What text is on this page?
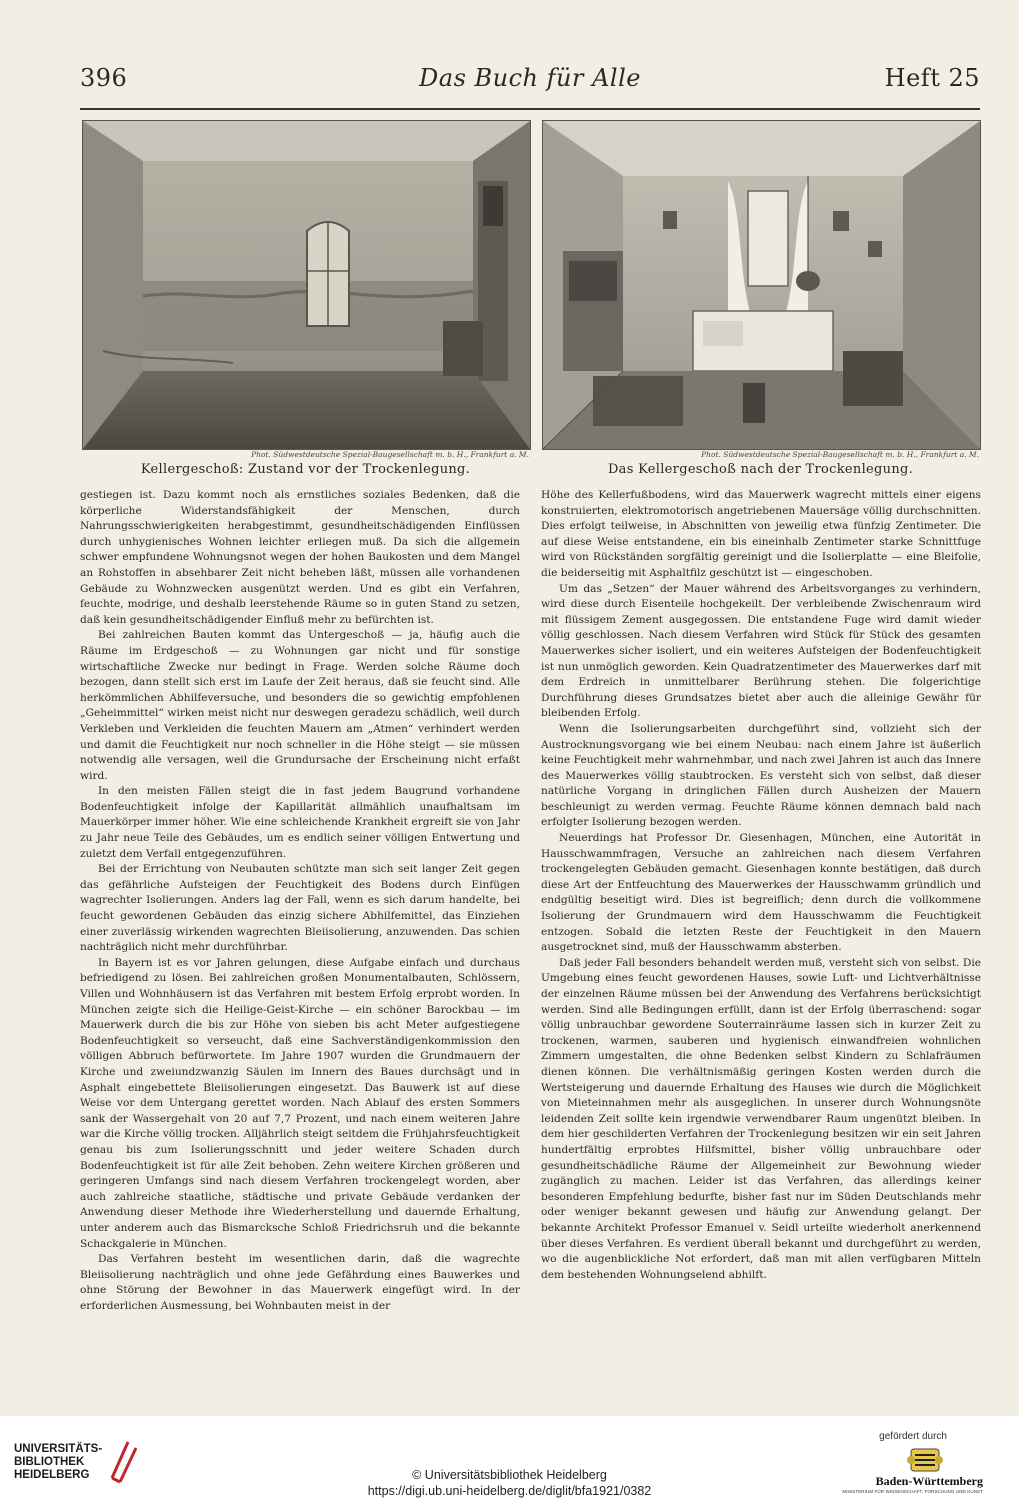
396	Das Buch für Alle	Heft 25
Phot. Südwestdeutsche Spezial-Baugesellschaft m. b. H., Frankfurt a. M.
Kellergeschoß: Zustand vor der Trockenlegung.
Phot. Südwestdeutsche Spezial-Baugesellschaft m. b. H., Frankfurt a. M.
Das Kellergeschoß nach der Trockenlegung.

gestiegen ist. Dazu kommt noch als ernstliches soziales Bedenken, daß die körperliche Widerstandsfähigkeit der Menschen, durch Nahrungsschwierigkeiten herabgestimmt, gesundheitschädigenden Einflüssen durch unhygienisches Wohnen leichter erliegen muß. Da sich die allgemein schwer empfundene Wohnungsnot wegen der hohen Baukosten und dem Mangel an Rohstoffen in absehbarer Zeit nicht beheben läßt, müssen alle vorhandenen Gebäude zu Wohnzwecken ausgenützt werden. Und es gibt ein Verfahren, feuchte, modrige, und deshalb leerstehende Räume so in guten Stand zu setzen, daß kein gesundheitschädigender Einfluß mehr zu befürchten ist.

Bei zahlreichen Bauten kommt das Untergeschoß — ja, häufig auch die Räume im Erdgeschoß — zu Wohnungen gar nicht und für sonstige wirtschaftliche Zwecke nur bedingt in Frage. Werden solche Räume doch bezogen, dann stellt sich erst im Laufe der Zeit heraus, daß sie feucht sind. Alle herkömmlichen Abhilfeversuche, und besonders die so gewichtig empfohlenen „Geheimmittel“ wirken meist nicht nur deswegen geradezu schädlich, weil durch Verkleben und Verkleiden die feuchten Mauern am „Atmen“ verhindert werden und damit die Feuchtigkeit nur noch schneller in die Höhe steigt — sie müssen notwendig alle versagen, weil die Grundursache der Erscheinung nicht erfaßt wird.

In den meisten Fällen steigt die in fast jedem Baugrund vorhandene Bodenfeuchtigkeit infolge der Kapillarität allmählich unaufhaltsam im Mauerkörper immer höher. Wie eine schleichende Krankheit ergreift sie von Jahr zu Jahr neue Teile des Gebäudes, um es endlich seiner völligen Entwertung und zuletzt dem Verfall entgegenzuführen.

Bei der Errichtung von Neubauten schützte man sich seit langer Zeit gegen das gefährliche Aufsteigen der Feuchtigkeit des Bodens durch Einfügen wagrechter Isolierungen. Anders lag der Fall, wenn es sich darum handelte, bei feucht gewordenen Gebäuden das einzig sichere Abhilfemittel, das Einziehen einer zuverlässig wirkenden wagrechten Bleiisolierung, anzuwenden. Das schien nachträglich nicht mehr durchführbar.

In Bayern ist es vor Jahren gelungen, diese Aufgabe einfach und durchaus befriedigend zu lösen. Bei zahlreichen großen Monumentalbauten, Schlössern, Villen und Wohnhäusern ist das Verfahren mit bestem Erfolg erprobt worden. In München zeigte sich die Heilige-Geist-Kirche — ein schöner Barockbau — im Mauerwerk durch die bis zur Höhe von sieben bis acht Meter aufgestiegene Bodenfeuchtigkeit so verseucht, daß eine Sachverständigenkommission den völligen Abbruch befürwortete. Im Jahre 1907 wurden die Grundmauern der Kirche und zweiundzwanzig Säulen im Innern des Baues durchsägt und in Asphalt eingebettete Bleiisolierungen eingesetzt. Das Bauwerk ist auf diese Weise vor dem Untergang gerettet worden. Nach Ablauf des ersten Sommers sank der Wassergehalt von 20 auf 7,7 Prozent, und nach einem weiteren Jahre war die Kirche völlig trocken. Alljährlich steigt seitdem die Frühjahrsfeuchtigkeit genau bis zum Isolierungsschnitt und jeder weitere Schaden durch Bodenfeuchtigkeit ist für alle Zeit behoben. Zehn weitere Kirchen größeren und geringeren Umfangs sind nach diesem Verfahren trockengelegt worden, aber auch zahlreiche staatliche, städtische und private Gebäude verdanken der Anwendung dieser Methode ihre Wiederherstellung und dauernde Erhaltung, unter anderem auch das Bismarcksche Schloß Friedrichsruh und die bekannte Schackgalerie in München.

Das Verfahren besteht im wesentlichen darin, daß die wagrechte Bleiisolierung nachträglich und ohne jede Gefährdung eines Bauwerkes und ohne Störung der Bewohner in das Mauerwerk eingefügt wird. In der erforderlichen Ausmessung, bei Wohnbauten meist in der

Höhe des Kellerfußbodens, wird das Mauerwerk wagrecht mittels einer eigens konstruierten, elektromotorisch angetriebenen Mauersäge völlig durchschnitten. Dies erfolgt teilweise, in Abschnitten von jeweilig etwa fünfzig Zentimeter. Die auf diese Weise entstandene, ein bis eineinhalb Zentimeter starke Schnittfuge wird von Rückständen sorgfältig gereinigt und die Isolierplatte — eine Bleifolie, die beiderseitig mit Asphaltfilz geschützt ist — eingeschoben.

Um das „Setzen“ der Mauer während des Arbeitsvorganges zu verhindern, wird diese durch Eisenteile hochgekeilt. Der verbleibende Zwischenraum wird mit flüssigem Zement ausgegossen. Die entstandene Fuge wird damit wieder völlig geschlossen. Nach diesem Verfahren wird Stück für Stück des gesamten Mauerwerkes sicher isoliert, und ein weiteres Aufsteigen der Bodenfeuchtigkeit ist nun unmöglich geworden. Kein Quadratzentimeter des Mauerwerkes darf mit dem Erdreich in unmittelbarer Berührung stehen. Die folgerichtige Durchführung dieses Grundsatzes bietet aber auch die alleinige Gewähr für bleibenden Erfolg.

Wenn die Isolierungsarbeiten durchgeführt sind, vollzieht sich der Austrocknungsvorgang wie bei einem Neubau: nach einem Jahre ist äußerlich keine Feuchtigkeit mehr wahrnehmbar, und nach zwei Jahren ist auch das Innere des Mauerwerkes völlig staubtrocken. Es versteht sich von selbst, daß dieser natürliche Vorgang in dringlichen Fällen durch Ausheizen der Mauern beschleunigt zu werden vermag. Feuchte Räume können demnach bald nach erfolgter Isolierung bezogen werden.

Neuerdings hat Professor Dr. Giesenhagen, München, eine Autorität in Hausschwammfragen, Versuche an zahlreichen nach diesem Verfahren trockengelegten Gebäuden gemacht. Giesenhagen konnte bestätigen, daß durch diese Art der Entfeuchtung des Mauerwerkes der Hausschwamm gründlich und endgültig beseitigt wird. Dies ist begreiflich; denn durch die vollkommene Isolierung der Grundmauern wird dem Hausschwamm die Feuchtigkeit entzogen. Sobald die letzten Reste der Feuchtigkeit in den Mauern ausgetrocknet sind, muß der Hausschwamm absterben.

Daß jeder Fall besonders behandelt werden muß, versteht sich von selbst. Die Umgebung eines feucht gewordenen Hauses, sowie Luft- und Lichtverhältnisse der einzelnen Räume müssen bei der Anwendung des Verfahrens berücksichtigt werden. Sind alle Bedingungen erfüllt, dann ist der Erfolg überraschend: sogar völlig unbrauchbar gewordene Souterrainräume lassen sich in kurzer Zeit zu trockenen, warmen, sauberen und hygienisch einwandfreien wohnlichen Zimmern umgestalten, die ohne Bedenken selbst Kindern zu Schlafräumen dienen können. Die verhältnismäßig geringen Kosten werden durch die Wertsteigerung und dauernde Erhaltung des Hauses wie durch die Möglichkeit von Mieteinnahmen mehr als ausgeglichen. In unserer durch Wohnungsnöte leidenden Zeit sollte kein irgendwie verwendbarer Raum ungenützt bleiben. In dem hier geschilderten Verfahren der Trockenlegung besitzen wir ein seit Jahren hundertfältig erprobtes Hilfsmittel, bisher völlig unbrauchbare oder gesundheitschädliche Räume der Allgemeinheit zur Bewohnung wieder zugänglich zu machen. Leider ist das Verfahren, das allerdings keiner besonderen Empfehlung bedurfte, bisher fast nur im Süden Deutschlands mehr oder weniger bekannt gewesen und häufig zur Anwendung gelangt. Der bekannte Architekt Professor Emanuel v. Seidl urteilte wiederholt anerkennend über dieses Verfahren. Es verdient überall bekannt und durchgeführt zu werden, wo die augenblickliche Not erfordert, daß man mit allen verfügbaren Mitteln dem bestehenden Wohnungselend abhilft.

UNIVERSITÄTS-
BIBLIOTHEK
HEIDELBERG	© Universitätsbibliothek Heidelberg
https://digi.ub.uni-heidelberg.de/diglit/bfa1921/0382
gefördert durch
Baden-Württemberg
MINISTERIUM FÜR WISSENSCHAFT, FORSCHUNG UND KUNST
